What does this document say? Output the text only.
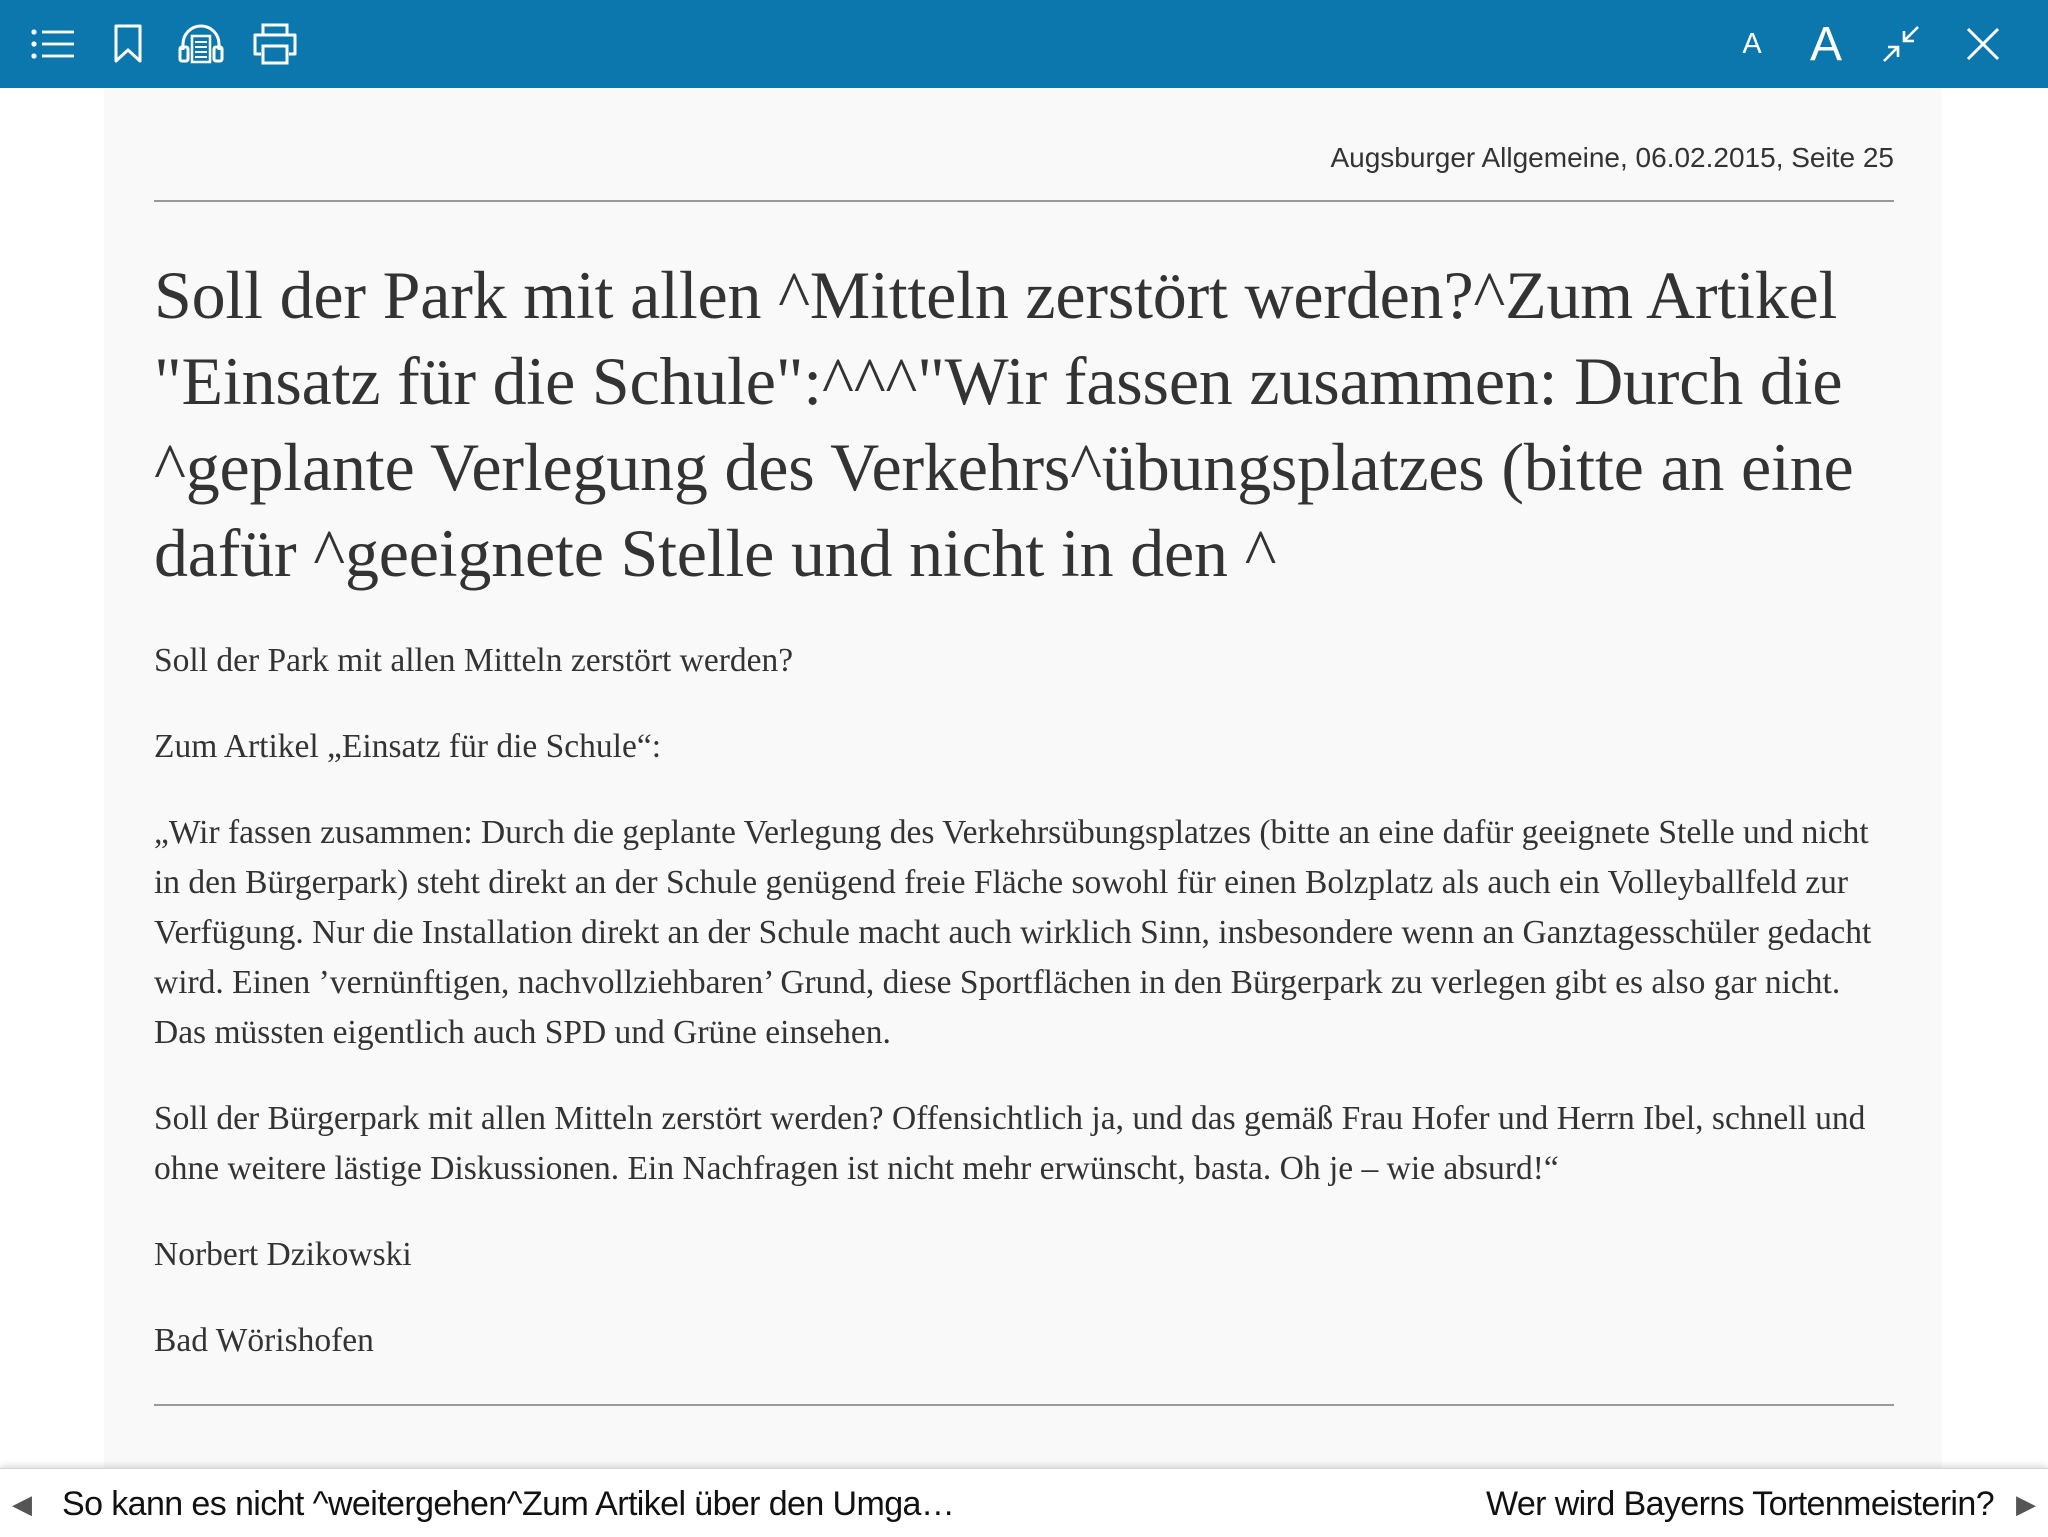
A A
Augsburger Allgemeine, 06.02.2015, Seite 25
Soll der Park mit allen ^Mitteln zerstört werden?^Zum Artikel "Einsatz für die Schule":^^^"Wir fassen zusammen: Durch die ^geplante Verlegung des Verkehrs^übungsplatzes (bitte an eine dafür ^geeignete Stelle und nicht in den ^

Soll der Park mit allen Mitteln zerstört werden?

Zum Artikel „Einsatz für die Schule“:

„Wir fassen zusammen: Durch die geplante Verlegung des Verkehrsübungsplatzes (bitte an eine dafür geeignete Stelle und nicht in den Bürgerpark) steht direkt an der Schule genügend freie Fläche sowohl für einen Bolzplatz als auch ein Volleyballfeld zur Verfügung. Nur die Installation direkt an der Schule macht auch wirklich Sinn, insbesondere wenn an Ganztagesschüler gedacht wird. Einen ’vernünftigen, nachvollziehbaren’ Grund, diese Sportflächen in den Bürgerpark zu verlegen gibt es also gar nicht. Das müssten eigentlich auch SPD und Grüne einsehen.

Soll der Bürgerpark mit allen Mitteln zerstört werden? Offensichtlich ja, und das gemäß Frau Hofer und Herrn Ibel, schnell und ohne weitere lästige Diskussionen. Ein Nachfragen ist nicht mehr erwünscht, basta. Oh je – wie absurd!“

Norbert Dzikowski

Bad Wörishofen

◀ So kann es nicht ^weitergehen^Zum Artikel über den Umga…	Wer wird Bayerns Tortenmeisterin? ▶
